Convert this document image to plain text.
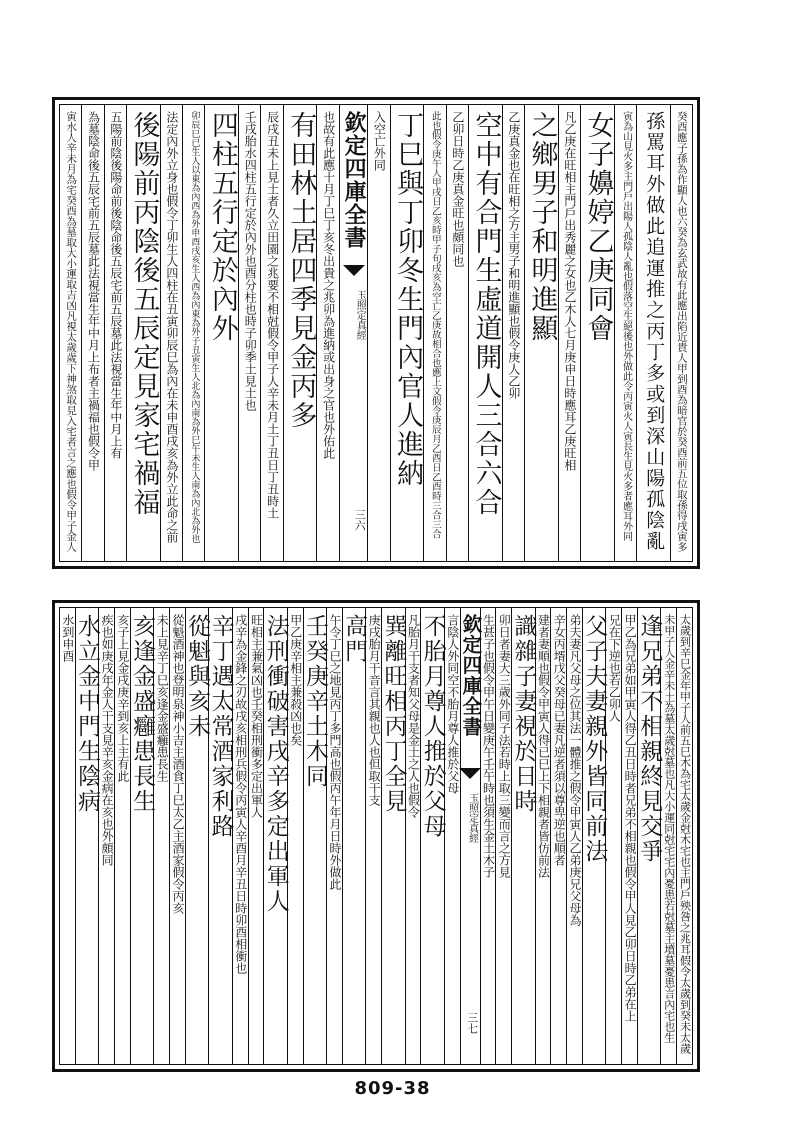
癸酉應子孫為作顯人也六癸為玄武故有此應出陷近貴人甲到酉為暗官於癸酉前五位取孫得戌寅多
孫罵耳外做此追運推之丙丁多或到深山陽孤陰亂
寅為山見火多主門戶出陽人孤陰人亂也假落空生絕後也外做此令丙寅火人寅長生見火多者應耳外同
女子嬶婷乙庚同會
凡乙庚在旺相主門戶出秀麗之女也乙木人七月庚申日時應耳乙庚旺相
之鄉男子和明進顯
乙庚真金也在旺相之方主男子和明進顯也假令庚人乙卯
空中有合門生虛道開人三合六合
乙卯日時乙庚真金旺也頗同也
此也假令庚午人甲戌日乙亥時甲子旬戌亥為空亡乙庚故相合也應上文假令庚辰月乙酉日乙酉時三合三合
丁巳與丁卯冬生門內官人進納
入空亡外同
欽定四庫全書
玉照定真經
三六
也故有此應十月丁巳丁亥冬出貴之兆卯為進納或出身之官也外佑此
有田林土居四季見金丙多
辰戌丑未上見土者久立田園之兆要不相尅假令甲子人辛未月土丁丑日丁丑時土
壬戌胎水四柱五行定於內外也酉分柱也時子卯季土見土也
四柱五行定於內外
卯辰巳已生人以東為內西為外申酉戌亥生人西為內東為外子丑寅生人北為內南為外巳午未生人南為內北為外也
法定內外立身也假令丁卯生人四柱在丑寅卯辰巳為內在未申酉戌亥為外立此命之前
後陽前丙陰後五辰定見家宅禍福
五陽前陰後陽命前後陰命後五辰宅前五辰墓此法視當生年中月上有
為墓陰命後五辰宅前五辰墓此法視當生年中月上布者主禍福也假令甲
寅水人辛未月為宅癸酉為墓取大小運取吉凶凡視太歲歲下神煞取見入宅者言之應也假令甲子金人
太歲到辛巳金年甲子人前五巳木為宅太歲金尅木宅也主門戶殃咎之兆耳假令太歲到癸未太歲
未甲子人金辛未土為墓太歲尅墓也凡大小運同尅宅宅內憂患若尅墓主墳墓憂患言內宅也生
逢兄弟不相親終見交爭
甲乙為兄弟如甲寅人得乙丑日時者兄弟不相親也假令甲人見乙卯日時乙弟在上
兄在下逆也若乙卯人
父子夫妻親外皆同前法
弟夫妻凡父母之位其法一體推之假令甲寅人乙弟庚兄父母為
辛女丙壻戊父癸母已妻凡逆者須以尊卑逆也順者
建者妻順也假令甲寅人得已巳上下相親者皆仿前法
識雜子妻視於日時
卯日者妻大三歲外同子法若時上取三變而言之方見
生甚子也假令甲午日變庚午壬午時也須生金土木子
欽定四庫全書
玉照定真經
三七
言陰人外同空不胎月尊人推於父母
不胎月尊人推於父母
凡胎月干支者知父母是金土之人也假令
巽離旺相丙丁全見
庚戌胎月干音言其親也人也但取干支
高門
午令丁巳之地見丙丁多門高也假丙午年月日時外做此
壬癸庚辛土木同
甲乙庚辛相主兼殺凶也矣
法刑衝破害戌辛多定出軍人
旺相主兼氣凶也壬癸相刑衝多定出軍人
戌辛為金鋒之刃故戌亥相刑兵假令丙寅人辛酉月辛丑日時卯酉相衝也
辛丁遇太常酒家利路
從魁與亥未
從魁酒神也登明泉神小吉主酒食丁巳太乙主酒家假令丙亥
未上見辛丁巳亥逢金盛癰患長生
亥逢金盛癰患長生
亥子上見金戌庚辛到亥上主有此
疾也如庚戌年金人干支見辛亥金病在亥也外頗同
水立金中門生陰病
水到申酉
809-38
